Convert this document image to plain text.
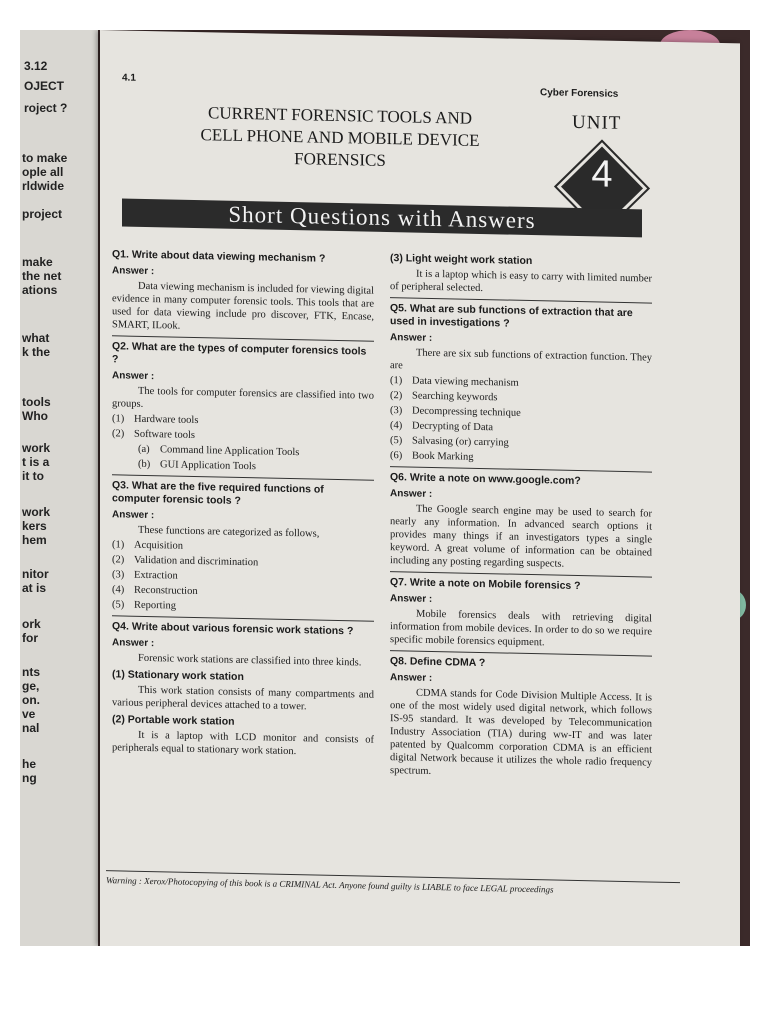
3.12
OJECT
roject ?
to make
ople all
rldwide
project
make
the net
ations
what
k the
tools
Who
work
t is a
it to
work
kers
hem
nitor
at is
ork
for
nts
ge,
on.
ve
nal
he
ng
4.1
Cyber Forensics
CURRENT FORENSIC TOOLS AND
CELL PHONE AND MOBILE DEVICE
FORENSICS
UNIT
4
Short Questions with Answers
Q1. Write about data viewing mechanism ?
Answer :
Data viewing mechanism is included for viewing digital evidence in many computer forensic tools. This tools that are used for data viewing include pro discover, FTK, Encase, SMART, ILook.
Q2. What are the types of computer forensics tools ?
Answer :
The tools for computer forensics are classified into two groups.
(1) Hardware tools
(2) Software tools
(a) Command line Application Tools
(b) GUI Application Tools
Q3. What are the five required functions of computer forensic tools ?
Answer :
These functions are categorized as follows,
(1) Acquisition
(2) Validation and discrimination
(3) Extraction
(4) Reconstruction
(5) Reporting
Q4. Write about various forensic work stations ?
Answer :
Forensic work stations are classified into three kinds.
(1) Stationary work station
This work station consists of many compartments and various peripheral devices attached to a tower.
(2) Portable work station
It is a laptop with LCD monitor and consists of peripherals equal to stationary work station.
(3) Light weight work station
It is a laptop which is easy to carry with limited number of peripheral selected.
Q5. What are sub functions of extraction that are used in investigations ?
Answer :
There are six sub functions of extraction function. They are
(1) Data viewing mechanism
(2) Searching keywords
(3) Decompressing technique
(4) Decrypting of Data
(5) Salvasing (or) carrying
(6) Book Marking
Q6. Write a note on www.google.com?
Answer :
The Google search engine may be used to search for nearly any information. In advanced search options it provides many things if an investigators types a single keyword. A great volume of information can be obtained including any posting regarding suspects.
Q7. Write a note on Mobile forensics ?
Answer :
Mobile forensics deals with retrieving digital information from mobile devices. In order to do so we require specific mobile forensics equipment.
Q8. Define CDMA ?
Answer :
CDMA stands for Code Division Multiple Access. It is one of the most widely used digital network, which follows IS-95 standard. It was developed by Telecommunication Industry Association (TIA) during ww-IT and was later patented by Qualcomm corporation CDMA is an efficient digital Network because it utilizes the whole radio frequency spectrum.
Warning : Xerox/Photocopying of this book is a CRIMINAL Act. Anyone found guilty is LIABLE to face LEGAL proceedings
